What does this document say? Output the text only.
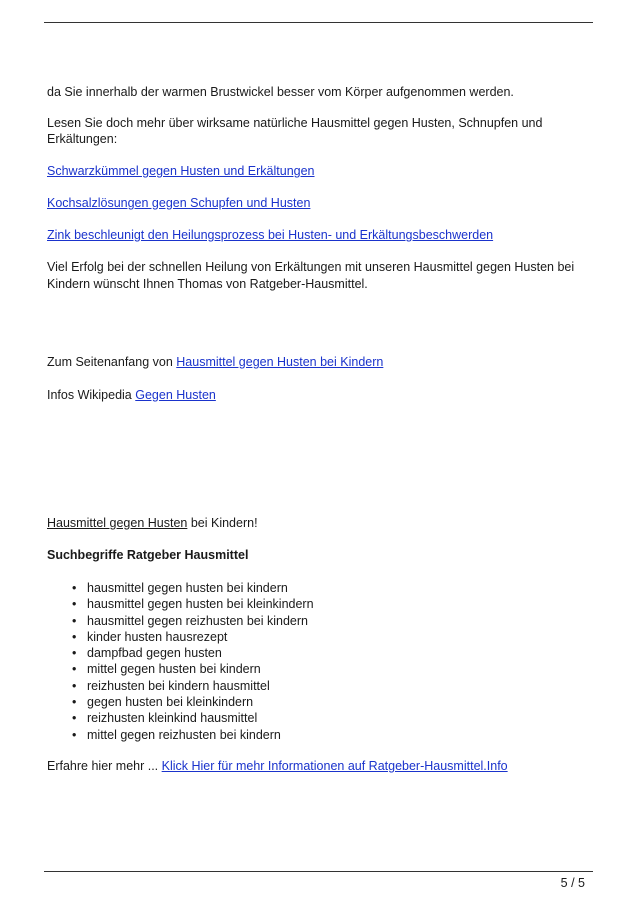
da Sie innerhalb der warmen Brustwickel besser vom Körper aufgenommen werden.
Lesen Sie doch mehr über wirksame natürliche Hausmittel gegen Husten, Schnupfen und
Erkältungen:
Schwarzkümmel gegen Husten und Erkältungen
Kochsalzlösungen gegen Schupfen und Husten
Zink beschleunigt den Heilungsprozess bei Husten- und Erkältungsbeschwerden
Viel Erfolg bei der schnellen Heilung von Erkältungen mit unseren Hausmittel gegen Husten bei
Kindern wünscht Ihnen Thomas von Ratgeber-Hausmittel.
Zum Seitenanfang von Hausmittel gegen Husten bei Kindern
Infos Wikipedia Gegen Husten
Hausmittel gegen Husten bei Kindern!
Suchbegriffe Ratgeber Hausmittel
• hausmittel gegen husten bei kindern
• hausmittel gegen husten bei kleinkindern
• hausmittel gegen reizhusten bei kindern
• kinder husten hausrezept
• dampfbad gegen husten
• mittel gegen husten bei kindern
• reizhusten bei kindern hausmittel
• gegen husten bei kleinkindern
• reizhusten kleinkind hausmittel
• mittel gegen reizhusten bei kindern
Erfahre hier mehr ... Klick Hier für mehr Informationen auf Ratgeber-Hausmittel.Info
5 / 5
